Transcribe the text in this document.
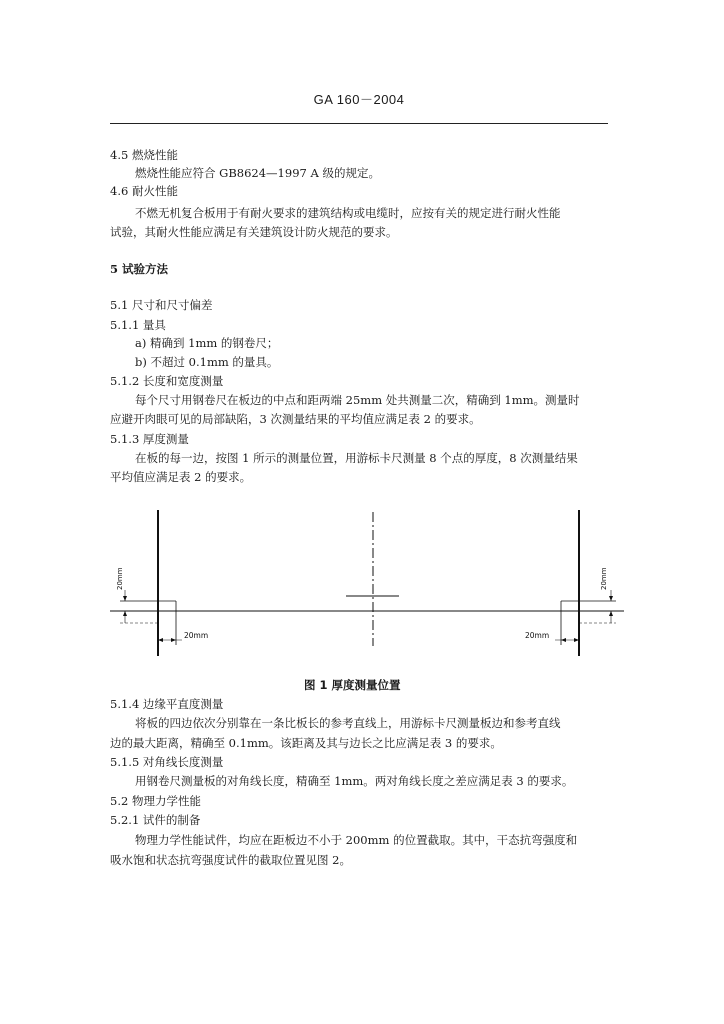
GA 160－2004
4.5 燃烧性能
燃烧性能应符合 GB8624—1997 A 级的规定。
4.6 耐火性能
不燃无机复合板用于有耐火要求的建筑结构或电缆时，应按有关的规定进行耐火性能
试验，其耐火性能应满足有关建筑设计防火规范的要求。
5 试验方法
5.1 尺寸和尺寸偏差
5.1.1 量具
a) 精确到 1mm 的钢卷尺；
b) 不超过 0.1mm 的量具。
5.1.2 长度和宽度测量
每个尺寸用钢卷尺在板边的中点和距两端 25mm 处共测量二次，精确到 1mm。测量时
应避开肉眼可见的局部缺陷，3 次测量结果的平均值应满足表 2 的要求。
5.1.3 厚度测量
在板的每一边，按图 1 所示的测量位置，用游标卡尺测量 8 个点的厚度，8 次测量结果
平均值应满足表 2 的要求。
5.1.4 边缘平直度测量
将板的四边依次分别靠在一条比板长的参考直线上，用游标卡尺测量板边和参考直线
边的最大距离，精确至 0.1mm。该距离及其与边长之比应满足表 3 的要求。
5.1.5 对角线长度测量
用钢卷尺测量板的对角线长度，精确至 1mm。两对角线长度之差应满足表 3 的要求。
5.2 物理力学性能
5.2.1 试件的制备
物理力学性能试件，均应在距板边不小于 200mm 的位置截取。其中，干态抗弯强度和
吸水饱和状态抗弯强度试件的截取位置见图 2。
20mm
20mm
20mm
20mm
图 1 厚度测量位置
